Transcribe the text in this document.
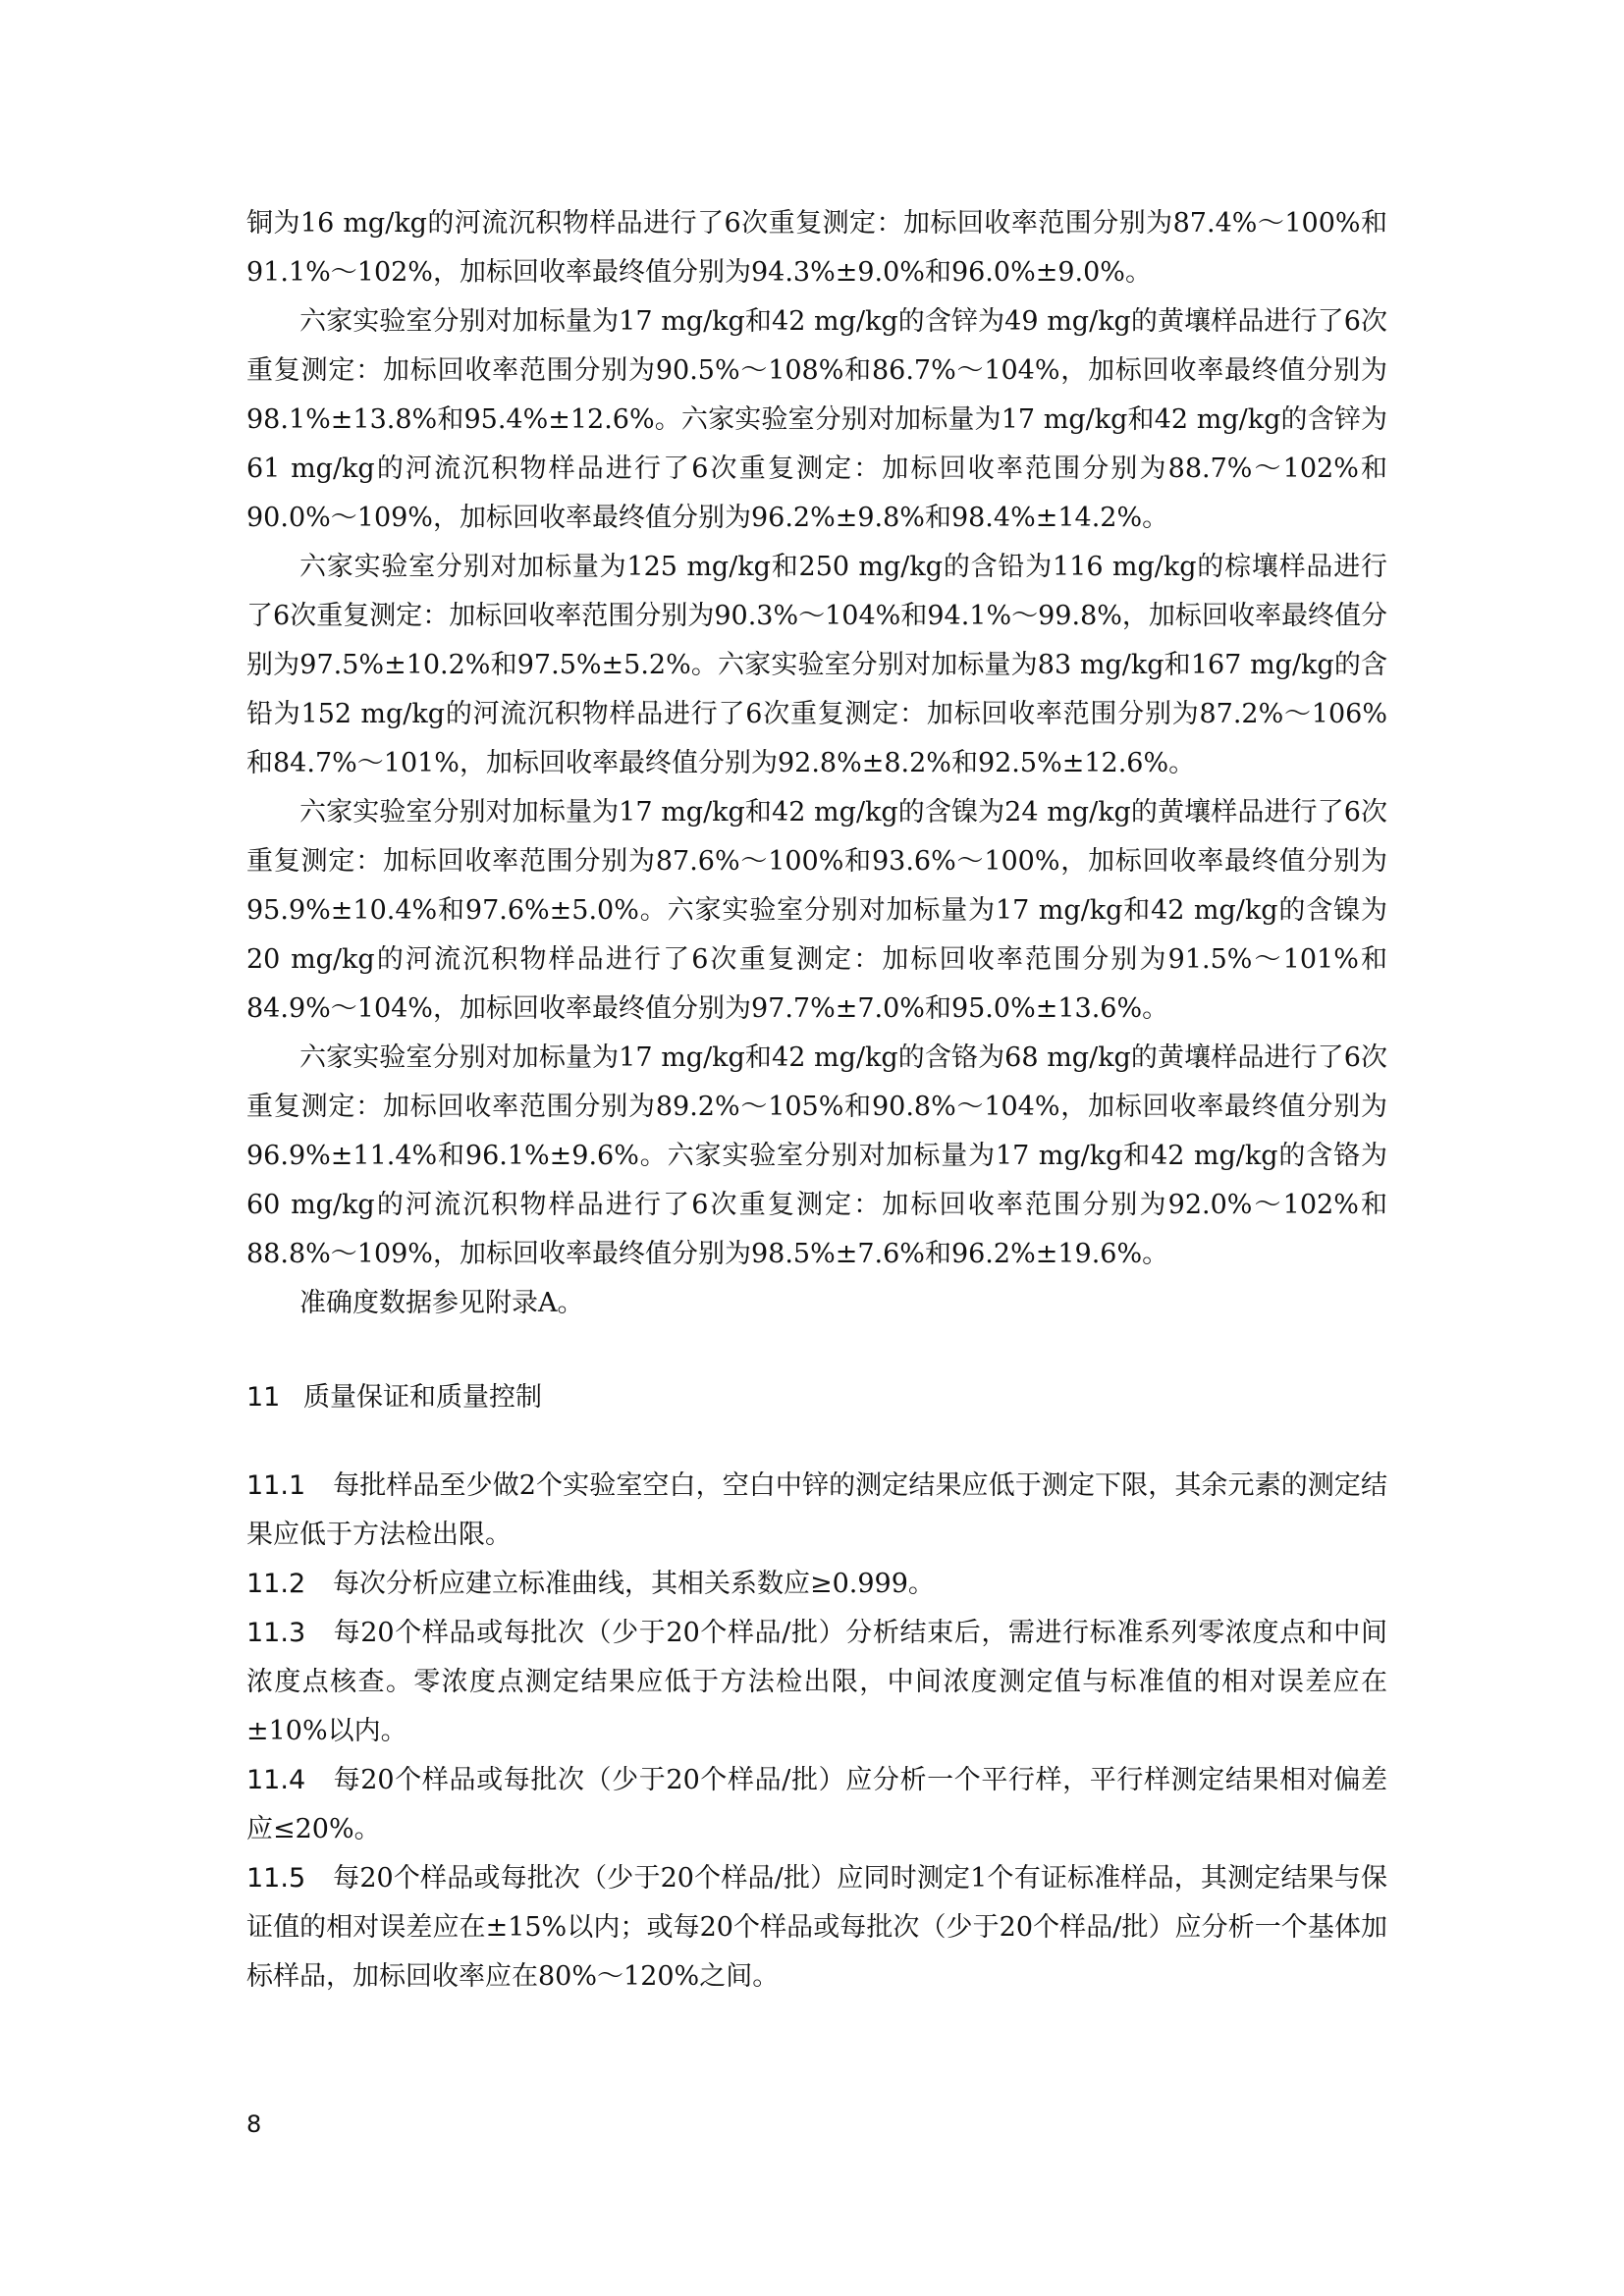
铜为16 mg/kg的河流沉积物样品进行了6次重复测定：加标回收率范围分别为87.4%～100%和91.1%～102%，加标回收率最终值分别为94.3%±9.0%和96.0%±9.0%。

六家实验室分别对加标量为17 mg/kg和42 mg/kg的含锌为49 mg/kg的黄壤样品进行了6次重复测定：加标回收率范围分别为90.5%～108%和86.7%～104%，加标回收率最终值分别为98.1%±13.8%和95.4%±12.6%。六家实验室分别对加标量为17 mg/kg和42 mg/kg的含锌为61 mg/kg的河流沉积物样品进行了6次重复测定：加标回收率范围分别为88.7%～102%和90.0%～109%，加标回收率最终值分别为96.2%±9.8%和98.4%±14.2%。

六家实验室分别对加标量为125 mg/kg和250 mg/kg的含铅为116 mg/kg的棕壤样品进行了6次重复测定：加标回收率范围分别为90.3%～104%和94.1%～99.8%，加标回收率最终值分别为97.5%±10.2%和97.5%±5.2%。六家实验室分别对加标量为83 mg/kg和167 mg/kg的含铅为152 mg/kg的河流沉积物样品进行了6次重复测定：加标回收率范围分别为87.2%～106%和84.7%～101%，加标回收率最终值分别为92.8%±8.2%和92.5%±12.6%。

六家实验室分别对加标量为17 mg/kg和42 mg/kg的含镍为24 mg/kg的黄壤样品进行了6次重复测定：加标回收率范围分别为87.6%～100%和93.6%～100%，加标回收率最终值分别为95.9%±10.4%和97.6%±5.0%。六家实验室分别对加标量为17 mg/kg和42 mg/kg的含镍为20 mg/kg的河流沉积物样品进行了6次重复测定：加标回收率范围分别为91.5%～101%和84.9%～104%，加标回收率最终值分别为97.7%±7.0%和95.0%±13.6%。

六家实验室分别对加标量为17 mg/kg和42 mg/kg的含铬为68 mg/kg的黄壤样品进行了6次重复测定：加标回收率范围分别为89.2%～105%和90.8%～104%，加标回收率最终值分别为96.9%±11.4%和96.1%±9.6%。六家实验室分别对加标量为17 mg/kg和42 mg/kg的含铬为60 mg/kg的河流沉积物样品进行了6次重复测定：加标回收率范围分别为92.0%～102%和88.8%～109%，加标回收率最终值分别为98.5%±7.6%和96.2%±19.6%。

准确度数据参见附录A。

11 质量保证和质量控制

11.1 每批样品至少做2个实验室空白，空白中锌的测定结果应低于测定下限，其余元素的测定结果应低于方法检出限。

11.2 每次分析应建立标准曲线，其相关系数应≥0.999。

11.3 每20个样品或每批次（少于20个样品/批）分析结束后，需进行标准系列零浓度点和中间浓度点核查。零浓度点测定结果应低于方法检出限，中间浓度测定值与标准值的相对误差应在±10%以内。

11.4 每20个样品或每批次（少于20个样品/批）应分析一个平行样，平行样测定结果相对偏差应≤20%。

11.5 每20个样品或每批次（少于20个样品/批）应同时测定1个有证标准样品，其测定结果与保证值的相对误差应在±15%以内；或每20个样品或每批次（少于20个样品/批）应分析一个基体加标样品，加标回收率应在80%～120%之间。

8
